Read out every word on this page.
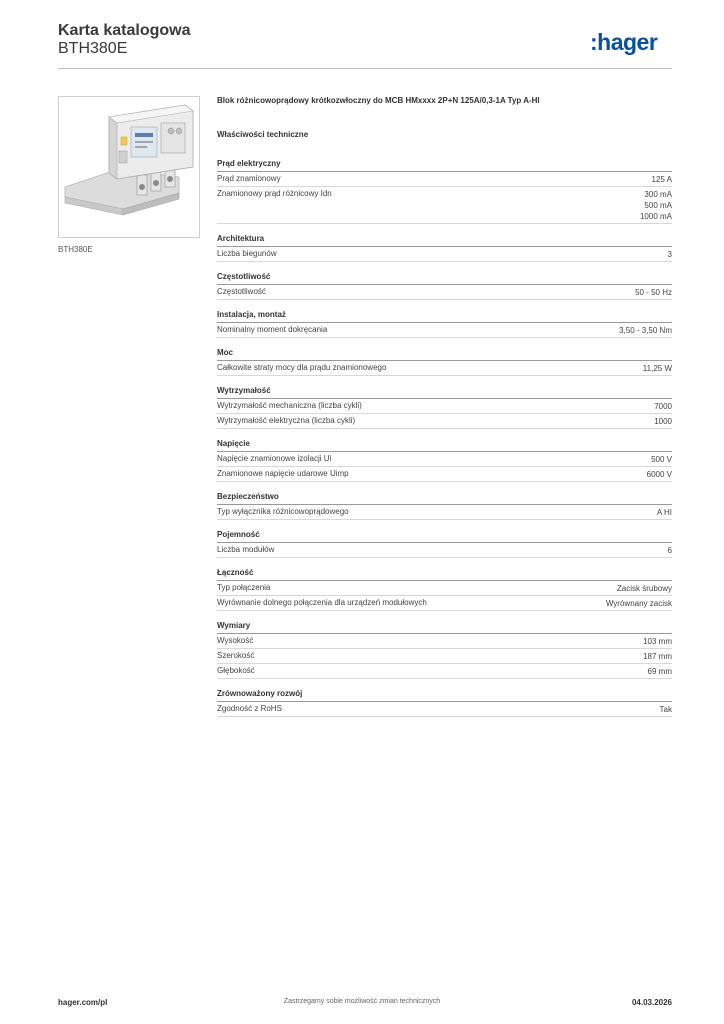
Karta katalogowa
BTH380E	:hager
BTH380E
Blok różnicowoprądowy krótkozwłoczny do MCB HMxxxx 2P+N 125A/0,3-1A Typ A-HI
Właściwości techniczne
Prąd elektryczny
Prąd znamionowy	125 A
Znamionowy prąd różnicowy Idn	300 mA
500 mA
1000 mA
Architektura
Liczba biegunów	3
Częstotliwość
Częstotliwość	50 - 50 Hz
Instalacja, montaż
Nominalny moment dokręcania	3,50 - 3,50 Nm
Moc
Całkowite straty mocy dla prądu znamionowego	11,25 W
Wytrzymałość
Wytrzymałość mechaniczna (liczba cykli)	7000
Wytrzymałość elektryczna (liczba cykli)	1000
Napięcie
Napięcie znamionowe izolacji Ui	500 V
Znamionowe napięcie udarowe Uimp	6000 V
Bezpieczeństwo
Typ wyłącznika różnicowoprądowego	A HI
Pojemność
Liczba modułów	6
Łączność
Typ połączenia	Zacisk śrubowy
Wyrównanie dolnego połączenia dla urządzeń modułowych	Wyrównany zacisk
Wymiary
Wysokość	103 mm
Szerokość	187 mm
Głębokość	69 mm
Zrównoważony rozwój
Zgodność z RoHS	Tak
hager.com/pl	Zastrzegamy sobie możliwość zmian technicznych	04.03.2026
